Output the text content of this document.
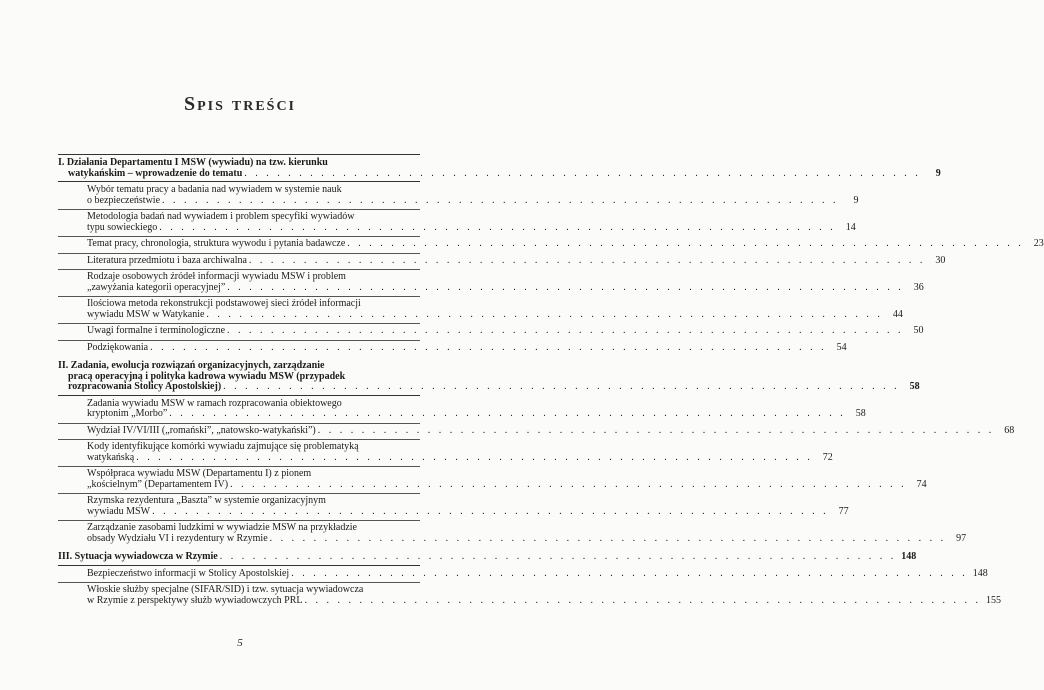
Spis treści
I. Działania Departamentu I MSW (wywiadu) na tzw. kierunku
watykańskim – wprowadzenie do tematu . . . . . . . . . . . . . . . . . . . . . . . . . . . . . . . . . . . . . . . . . . . . . . . . . . . . . . . . . . . . . .	9
Wybór tematu pracy a badania nad wywiadem w systemie nauk
o bezpieczeństwie . . . . . . . . . . . . . . . . . . . . . . . . . . . . . . . . . . . . . . . . . . . . . . . . . . . . . . . . . . . . . .	9
Metodologia badań nad wywiadem i problem specyfiki wywiadów
typu sowieckiego . . . . . . . . . . . . . . . . . . . . . . . . . . . . . . . . . . . . . . . . . . . . . . . . . . . . . . . . . . . . . .	14
Temat pracy, chronologia, struktura wywodu i pytania badawcze . . . . . . . . . . . . . . . . . . . . . . . . . . . . . . . . . . . . . . . . . . . . . . . . . . . . . . . . . . . . . .	23
Literatura przedmiotu i baza archiwalna . . . . . . . . . . . . . . . . . . . . . . . . . . . . . . . . . . . . . . . . . . . . . . . . . . . . . . . . . . . . . .	30
Rodzaje osobowych źródeł informacji wywiadu MSW i problem
„zawyżania kategorii operacyjnej” . . . . . . . . . . . . . . . . . . . . . . . . . . . . . . . . . . . . . . . . . . . . . . . . . . . . . . . . . . . . . .	36
Ilościowa metoda rekonstrukcji podstawowej sieci źródeł informacji
wywiadu MSW w Watykanie . . . . . . . . . . . . . . . . . . . . . . . . . . . . . . . . . . . . . . . . . . . . . . . . . . . . . . . . . . . . . .	44
Uwagi formalne i terminologiczne . . . . . . . . . . . . . . . . . . . . . . . . . . . . . . . . . . . . . . . . . . . . . . . . . . . . . . . . . . . . . .	50
Podziękowania . . . . . . . . . . . . . . . . . . . . . . . . . . . . . . . . . . . . . . . . . . . . . . . . . . . . . . . . . . . . . .	54
II. Zadania, ewolucja rozwiązań organizacyjnych, zarządzanie
pracą operacyjną i polityka kadrowa wywiadu MSW (przypadek
rozpracowania Stolicy Apostolskiej) . . . . . . . . . . . . . . . . . . . . . . . . . . . . . . . . . . . . . . . . . . . . . . . . . . . . . . . . . . . . . .	58
Zadania wywiadu MSW w ramach rozpracowania obiektowego
kryptonim „Morbo” . . . . . . . . . . . . . . . . . . . . . . . . . . . . . . . . . . . . . . . . . . . . . . . . . . . . . . . . . . . . . .	58
Wydział IV/VI/III („romański”, „natowsko-watykański”) . . . . . . . . . . . . . . . . . . . . . . . . . . . . . . . . . . . . . . . . . . . . . . . . . . . . . . . . . . . . . .	68
Kody identyfikujące komórki wywiadu zajmujące się problematyką
watykańską . . . . . . . . . . . . . . . . . . . . . . . . . . . . . . . . . . . . . . . . . . . . . . . . . . . . . . . . . . . . . .	72
Współpraca wywiadu MSW (Departamentu I) z pionem
„kościelnym” (Departamentem IV) . . . . . . . . . . . . . . . . . . . . . . . . . . . . . . . . . . . . . . . . . . . . . . . . . . . . . . . . . . . . . .	74
Rzymska rezydentura „Baszta” w systemie organizacyjnym
wywiadu MSW . . . . . . . . . . . . . . . . . . . . . . . . . . . . . . . . . . . . . . . . . . . . . . . . . . . . . . . . . . . . . .	77
Zarządzanie zasobami ludzkimi w wywiadzie MSW na przykładzie
obsady Wydziału VI i rezydentury w Rzymie . . . . . . . . . . . . . . . . . . . . . . . . . . . . . . . . . . . . . . . . . . . . . . . . . . . . . . . . . . . . . .	97
III. Sytuacja wywiadowcza w Rzymie . . . . . . . . . . . . . . . . . . . . . . . . . . . . . . . . . . . . . . . . . . . . . . . . . . . . . . . . . . . . . . 148
Bezpieczeństwo informacji w Stolicy Apostolskiej . . . . . . . . . . . . . . . . . . . . . . . . . . . . . . . . . . . . . . . . . . . . . . . . . . . . . . . . . . . . . . 148
Włoskie służby specjalne (SIFAR/SID) i tzw. sytuacja wywiadowcza
w Rzymie z perspektywy służb wywiadowczych PRL . . . . . . . . . . . . . . . . . . . . . . . . . . . . . . . . . . . . . . . . . . . . . . . . . . . . . . . . . . . . . . 155
5
